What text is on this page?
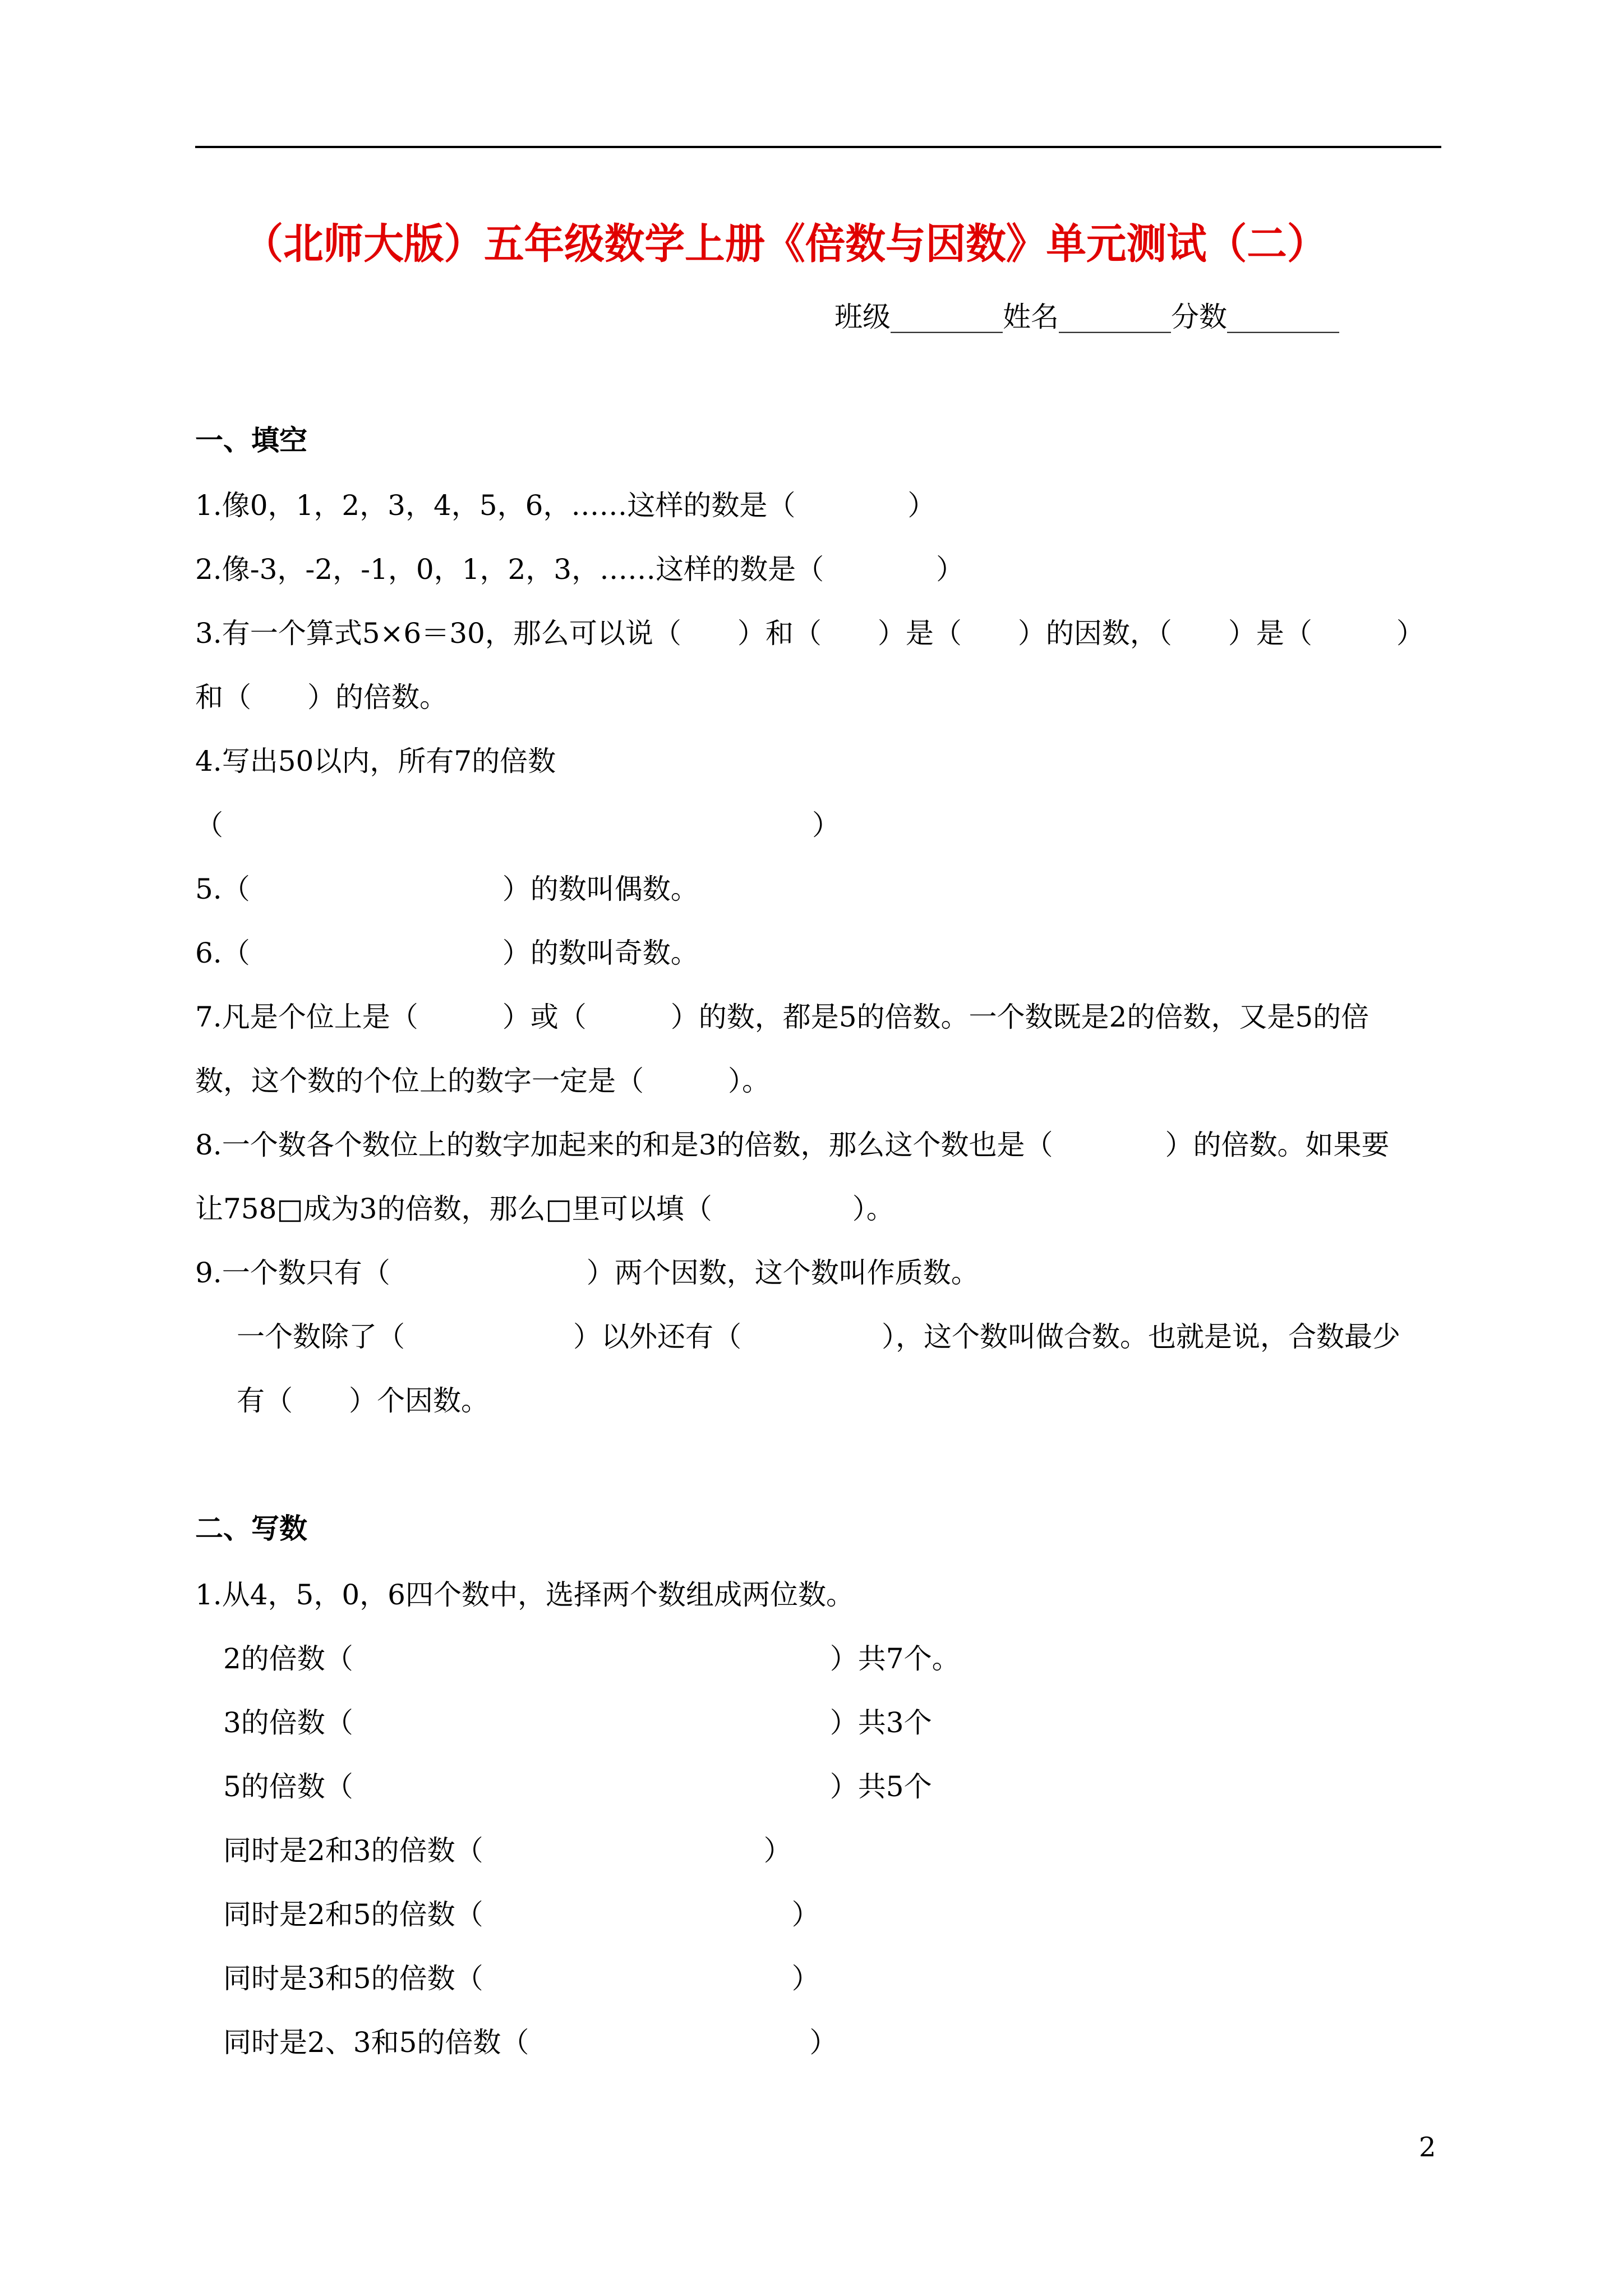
（北师大版）五年级数学上册《倍数与因数》单元测试（二）
班级________姓名________分数________
一、填空
1.像0，1，2，3，4，5，6，……这样的数是（　　　　）
2.像-3，-2，-1，0，1，2，3，……这样的数是（　　　　）
3.有一个算式5×6＝30，那么可以说（　　）和（　　）是（　　）的因数，（　　）是（　　　）
和（　　）的倍数。
4.写出50以内，所有7的倍数
（　　　　　　　　　　　　　　　　　　　　　）
5.（　　　　　　　　　）的数叫偶数。
6.（　　　　　　　　　）的数叫奇数。
7.凡是个位上是（　　　）或（　　　）的数，都是5的倍数。一个数既是2的倍数，又是5的倍
数，这个数的个位上的数字一定是（　　　）。
8.一个数各个数位上的数字加起来的和是3的倍数，那么这个数也是（　　　　）的倍数。如果要
让758□成为3的倍数，那么□里可以填（　　　　　）。
9.一个数只有（　　　　　　　）两个因数，这个数叫作质数。
一个数除了（　　　　　　）以外还有（　　　　　），这个数叫做合数。也就是说，合数最少
有（　　）个因数。
二、写数
1.从4，5，0，6四个数中，选择两个数组成两位数。
2的倍数（　　　　　　　　　　　　　　　　　）共7个。
3的倍数（　　　　　　　　　　　　　　　　　）共3个
5的倍数（　　　　　　　　　　　　　　　　　）共5个
同时是2和3的倍数（　　　　　　　　　　）
同时是2和5的倍数（　　　　　　　　　　　）
同时是3和5的倍数（　　　　　　　　　　　）
同时是2、3和5的倍数（　　　　　　　　　　）
2
